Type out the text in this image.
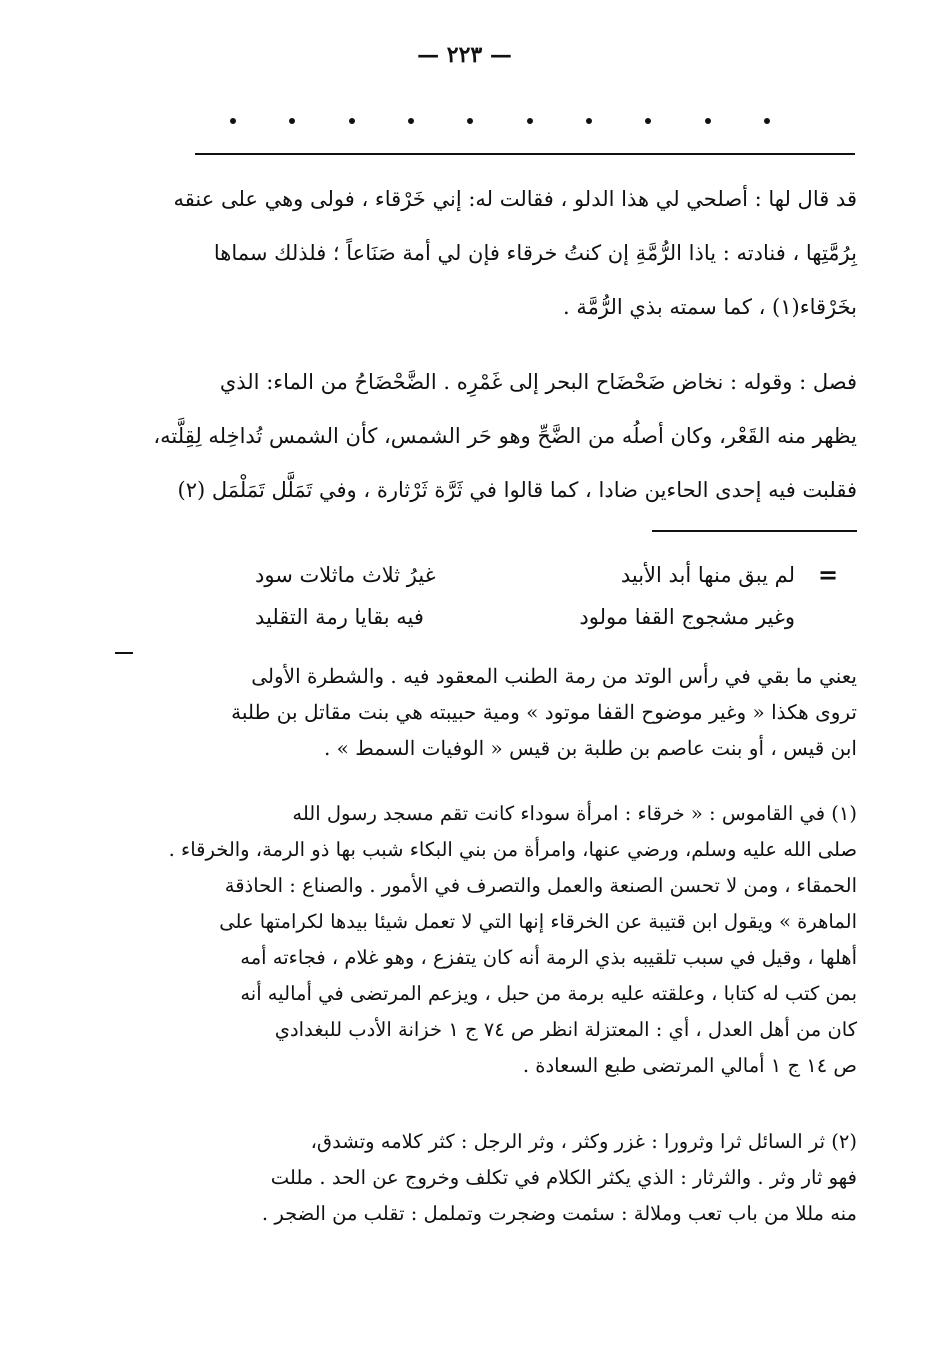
— ٢٢٣ —
قد قال لها : أصلحي لي هذا الدلو ، فقالت له: إني خَرْقاء ، فولى وهي على عنقه
بِرُمَّتِها ، فنادته : ياذا الرُّمَّةِ إن كنتُ خرقاء فإن لي أمة صَنَاعاً ؛ فلذلك سماها
بخَرْقاء(١) ، كما سمته بذي الرُّمَّة .
فصل : وقوله : نخاض ضَحْضَاح البحر إلى غَمْرِه . الضَّحْضَاحُ من الماء: الذي
يظهر منه القَعْر، وكان أصلُه من الضَّحِّ وهو حَر الشمس، كأن الشمس تُداخِله لِقِلَّته،
فقلبت فيه إحدى الحاءين ضادا ، كما قالوا في ثَرَّة ثَرْثارة ، وفي تَمَلَّل تَمَلْمَل (٢)
=
لم يبق منها أبد الأبيد
غيرُ ثلاث ماثلات سود
وغير مشجوج القفا مولود
فيه بقايا رمة التقليد
يعني ما بقي في رأس الوتد من رمة الطنب المعقود فيه . والشطرة الأولى
تروى هكذا « وغير موضوح القفا موتود » ومية حبيبته هي بنت مقاتل بن طلبة
ابن قيس ، أو بنت عاصم بن طلبة بن قيس « الوفيات السمط » .
(١) في القاموس : « خرقاء : امرأة سوداء كانت تقم مسجد رسول الله
صلى الله عليه وسلم، ورضي عنها، وامرأة من بني البكاء شبب بها ذو الرمة، والخرقاء .
الحمقاء ، ومن لا تحسن الصنعة والعمل والتصرف في الأمور . والصناع : الحاذقة
الماهرة » ويقول ابن قتيبة عن الخرقاء إنها التي لا تعمل شيئا بيدها لكرامتها على
أهلها ، وقيل في سبب تلقيبه بذي الرمة أنه كان يتفزع ، وهو غلام ، فجاءته أمه
بمن كتب له كتابا ، وعلقته عليه برمة من حبل ، ويزعم المرتضى في أماليه أنه
كان من أهل العدل ، أي : المعتزلة انظر ص ٧٤ ج ١ خزانة الأدب للبغدادي
ص ١٤ ج ١ أمالي المرتضى طبع السعادة .
(٢) ثر السائل ثرا وثرورا : غزر وكثر ، وثر الرجل : كثر كلامه وتشدق،
فهو ثار وثر . والثرثار : الذي يكثر الكلام في تكلف وخروج عن الحد . مللت
منه مللا من باب تعب وملالة : سئمت وضجرت وتململ : تقلب من الضجر .
